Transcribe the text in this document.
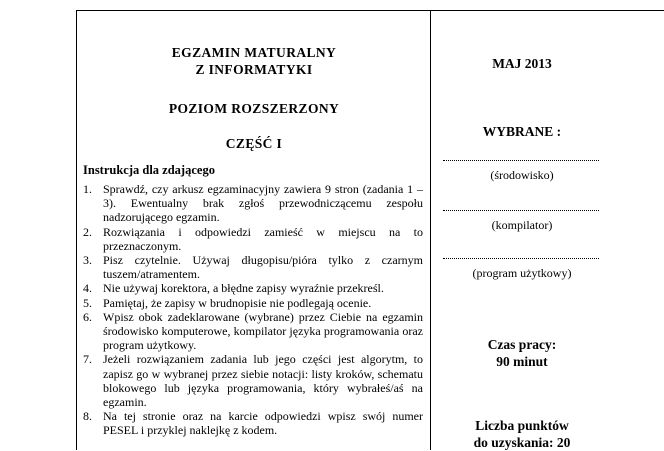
EGZAMIN MATURALNY
Z INFORMATYKI
POZIOM ROZSZERZONY
CZĘŚĆ I
Instrukcja dla zdającego
1. Sprawdź, czy arkusz egzaminacyjny zawiera 9 stron (zadania 1 – 3). Ewentualny brak zgłoś przewodniczącemu zespołu nadzorującego egzamin.
2. Rozwiązania i odpowiedzi zamieść w miejscu na to przeznaczonym.
3. Pisz czytelnie. Używaj długopisu/pióra tylko z czarnym tuszem/atramentem.
4. Nie używaj korektora, a błędne zapisy wyraźnie przekreśl.
5. Pamiętaj, że zapisy w brudnopisie nie podlegają ocenie.
6. Wpisz obok zadeklarowane (wybrane) przez Ciebie na egzamin środowisko komputerowe, kompilator języka programowania oraz program użytkowy.
7. Jeżeli rozwiązaniem zadania lub jego części jest algorytm, to zapisz go w wybranej przez siebie notacji: listy kroków, schematu blokowego lub języka programowania, który wybrałeś/aś na egzamin.
8. Na tej stronie oraz na karcie odpowiedzi wpisz swój numer PESEL i przyklej naklejkę z kodem.
MAJ 2013
WYBRANE :
(środowisko)
(kompilator)
(program użytkowy)
Czas pracy:
90 minut
Liczba punktów
do uzyskania: 20
